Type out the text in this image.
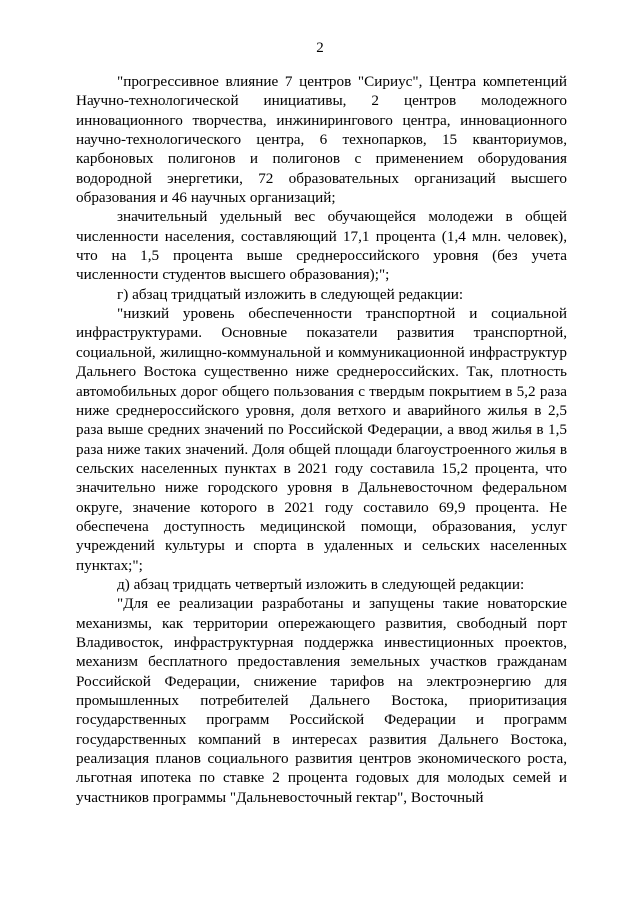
2

"прогрессивное влияние 7 центров "Сириус", Центра компетенций Научно-технологической инициативы, 2 центров молодежного инновационного творчества, инжинирингового центра, инновационного научно-технологического центра, 6 технопарков, 15 кванториумов, карбоновых полигонов и полигонов с применением оборудования водородной энергетики, 72 образовательных организаций высшего образования и 46 научных организаций;

значительный удельный вес обучающейся молодежи в общей численности населения, составляющий 17,1 процента (1,4 млн. человек), что на 1,5 процента выше среднероссийского уровня (без учета численности студентов высшего образования);";

г) абзац тридцатый изложить в следующей редакции:

"низкий уровень обеспеченности транспортной и социальной инфраструктурами. Основные показатели развития транспортной, социальной, жилищно-коммунальной и коммуникационной инфраструктур Дальнего Востока существенно ниже среднероссийских. Так, плотность автомобильных дорог общего пользования с твердым покрытием в 5,2 раза ниже среднероссийского уровня, доля ветхого и аварийного жилья в 2,5 раза выше средних значений по Российской Федерации, а ввод жилья в 1,5 раза ниже таких значений. Доля общей площади благоустроенного жилья в сельских населенных пунктах в 2021 году составила 15,2 процента, что значительно ниже городского уровня в Дальневосточном федеральном округе, значение которого в 2021 году составило 69,9 процента. Не обеспечена доступность медицинской помощи, образования, услуг учреждений культуры и спорта в удаленных и сельских населенных пунктах;";

д) абзац тридцать четвертый изложить в следующей редакции:

"Для ее реализации разработаны и запущены такие новаторские механизмы, как территории опережающего развития, свободный порт Владивосток, инфраструктурная поддержка инвестиционных проектов, механизм бесплатного предоставления земельных участков гражданам Российской Федерации, снижение тарифов на электроэнергию для промышленных потребителей Дальнего Востока, приоритизация государственных программ Российской Федерации и программ государственных компаний в интересах развития Дальнего Востока, реализация планов социального развития центров экономического роста, льготная ипотека по ставке 2 процента годовых для молодых семей и участников программы "Дальневосточный гектар", Восточный
